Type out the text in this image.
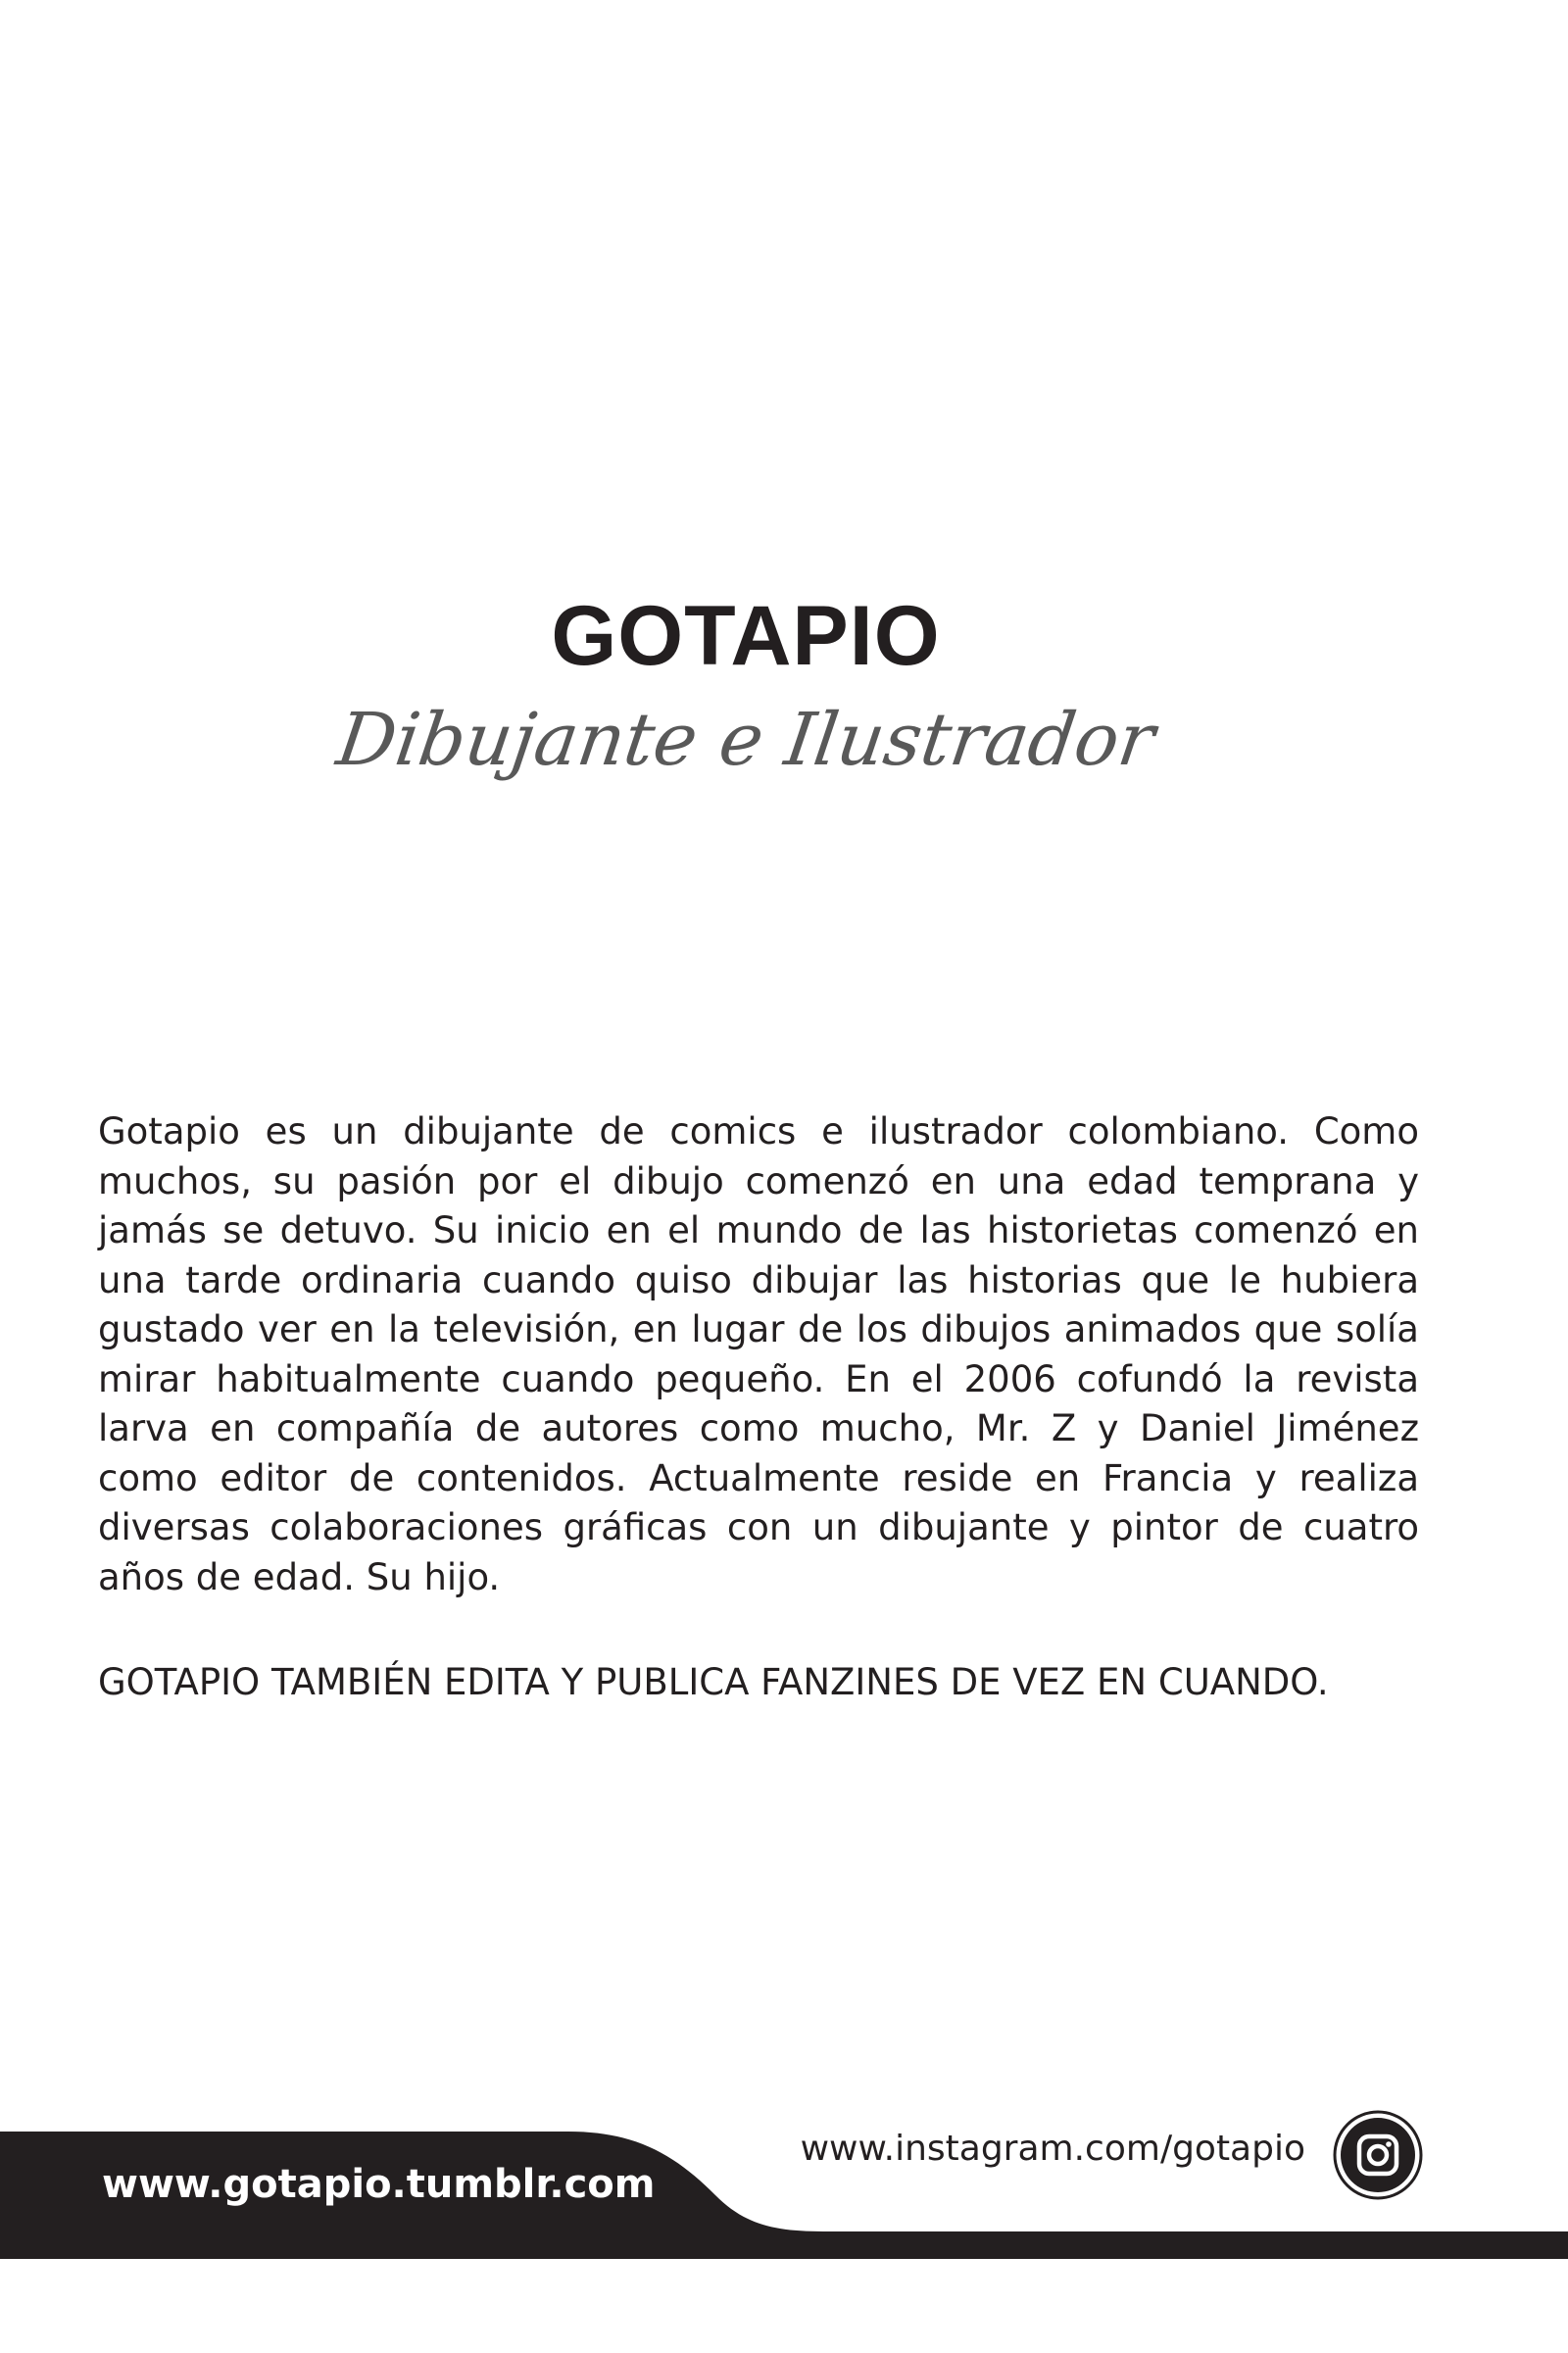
GOTAPIO
Dibujante e Ilustrador

Gotapio es un dibujante de comics e ilustrador colombiano. Como muchos, su pasión por el dibujo comenzó en una edad temprana y jamás se detuvo. Su inicio en el mundo de las historietas comenzó en una tarde ordinaria cuando quiso dibujar las historias que le hubiera gustado ver en la televisión, en lugar de los dibujos animados que solía mirar habitualmente cuando pequeño. En el 2006 cofundó la revista larva en compañía de autores como mucho, Mr. Z y Daniel Jiménez como editor de contenidos. Actualmente reside en Francia y realiza diversas colaboraciones gráficas con un dibujante y pintor de cuatro años de edad. Su hijo.

GOTAPIO TAMBIÉN EDITA Y PUBLICA FANZINES DE VEZ EN CUANDO.

www.gotapio.tumblr.com
www.instagram.com/gotapio
